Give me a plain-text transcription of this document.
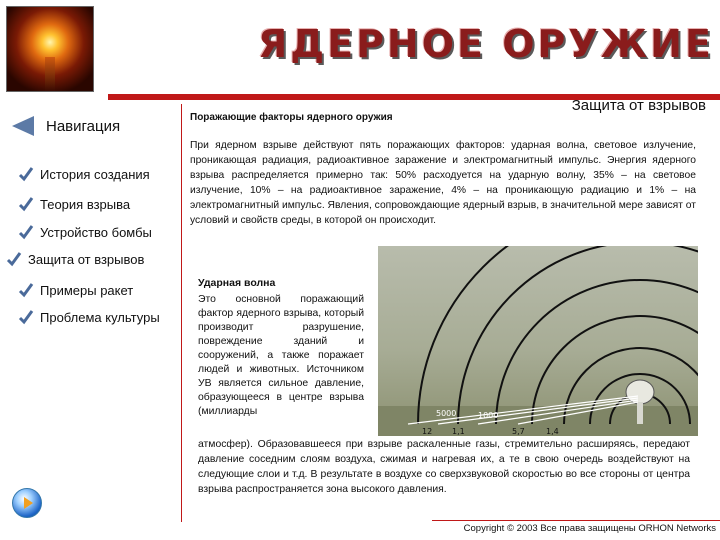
ЯДЕРНОЕ ОРУЖИЕ
Защита от взрывов
Навигация
История создания
Теория взрыва
Устройство бомбы
Защита от взрывов
Примеры ракет
Проблема культуры
Поражающие факторы ядерного оружия
При ядерном взрыве действуют пять поражающих факторов: ударная волна, световое излучение, проникающая радиация, радиоактивное заражение и электромагнитный импульс. Энергия ядерного взрыва распределяется примерно так: 50% расходуется на ударную волну, 35% – на световое излучение, 10% – на радиоактивное заражение, 4% – на проникающую радиацию и 1% – на электромагнитный импульс. Явления, сопровождающие ядерный взрыв, в значительной мере зависят от условий и свойств среды, в которой он происходит.
5000	1000
12 1,1	5,7	1,4
Ударная волна
Это основной поражающий фактор ядерного взрыва, который производит разрушение, повреждение зданий и сооружений, а также поражает людей и животных. Источником УВ является сильное давление, образующееся в центре взрыва (миллиарды
атмосфер). Образовавшееся при взрыве раскаленные газы, стремительно расширяясь, передают давление соседним слоям воздуха, сжимая и нагревая их, а те в свою очередь воздействуют на следующие слои и т.д. В результате в воздухе со сверхзвуковой скоростью во все стороны от центра взрыва распространяется зона высокого давления.
Copyright © 2003 Все права защищены ORHON Networks
